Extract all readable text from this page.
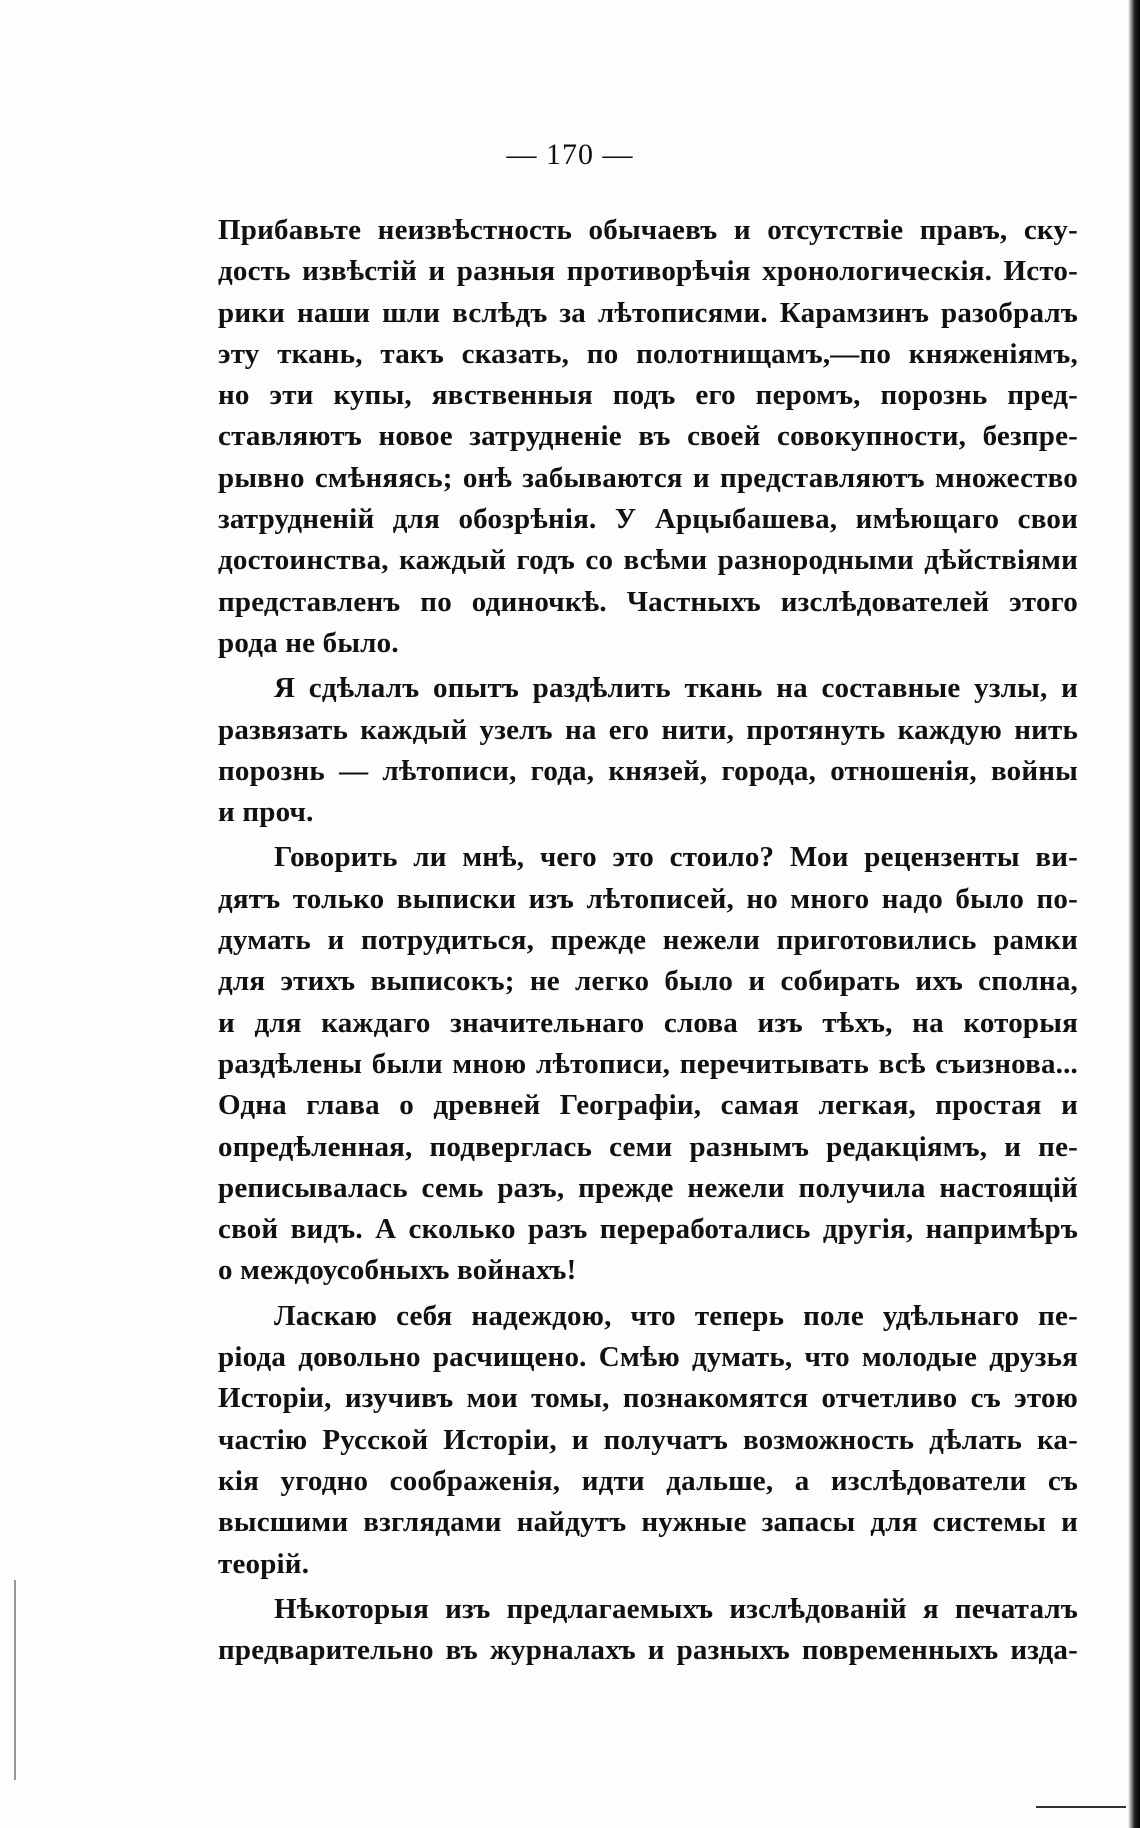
— 170 —
Прибавьте неизвѣстность обычаевъ и отсутствіе правъ, ску-
дость извѣстій и разныя противорѣчія хронологическія. Исто-
рики наши шли вслѣдъ за лѣтописями. Карамзинъ разобралъ
эту ткань, такъ сказать, по полотнищамъ,—по княженіямъ,
но эти купы, явственныя подъ его перомъ, порознь пред-
ставляютъ новое затрудненіе въ своей совокупности, безпре-
рывно смѣняясь; онѣ забываются и представляютъ множество
затрудненій для обозрѣнія. У Арцыбашева, имѣющаго свои
достоинства, каждый годъ со всѣми разнородными дѣйствіями
представленъ по одиночкѣ. Частныхъ изслѣдователей этого
рода не было.
Я сдѣлалъ опытъ раздѣлить ткань на составные узлы, и
развязать каждый узелъ на его нити, протянуть каждую нить
порознь — лѣтописи, года, князей, города, отношенія, войны
и проч.
Говорить ли мнѣ, чего это стоило? Мои рецензенты ви-
дятъ только выписки изъ лѣтописей, но много надо было по-
думать и потрудиться, прежде нежели приготовились рамки
для этихъ выписокъ; не легко было и собирать ихъ сполна,
и для каждаго значительнаго слова изъ тѣхъ, на которыя
раздѣлены были мною лѣтописи, перечитывать всѣ съизнова...
Одна глава о древней Географіи, самая легкая, простая и
опредѣленная, подверглась семи разнымъ редакціямъ, и пе-
реписывалась семь разъ, прежде нежели получила настоящій
свой видъ. А сколько разъ переработались другія, напримѣръ
о междоусобныхъ войнахъ!
Ласкаю себя надеждою, что теперь поле удѣльнаго пе-
ріода довольно расчищено. Смѣю думать, что молодые друзья
Исторіи, изучивъ мои томы, познакомятся отчетливо съ этою
частію Русской Исторіи, и получатъ возможность дѣлать ка-
кія угодно соображенія, идти дальше, а изслѣдователи съ
высшими взглядами найдутъ нужные запасы для системы и
теорій.
Нѣкоторыя изъ предлагаемыхъ изслѣдованій я печаталъ
предварительно въ журналахъ и разныхъ повременныхъ изда-
